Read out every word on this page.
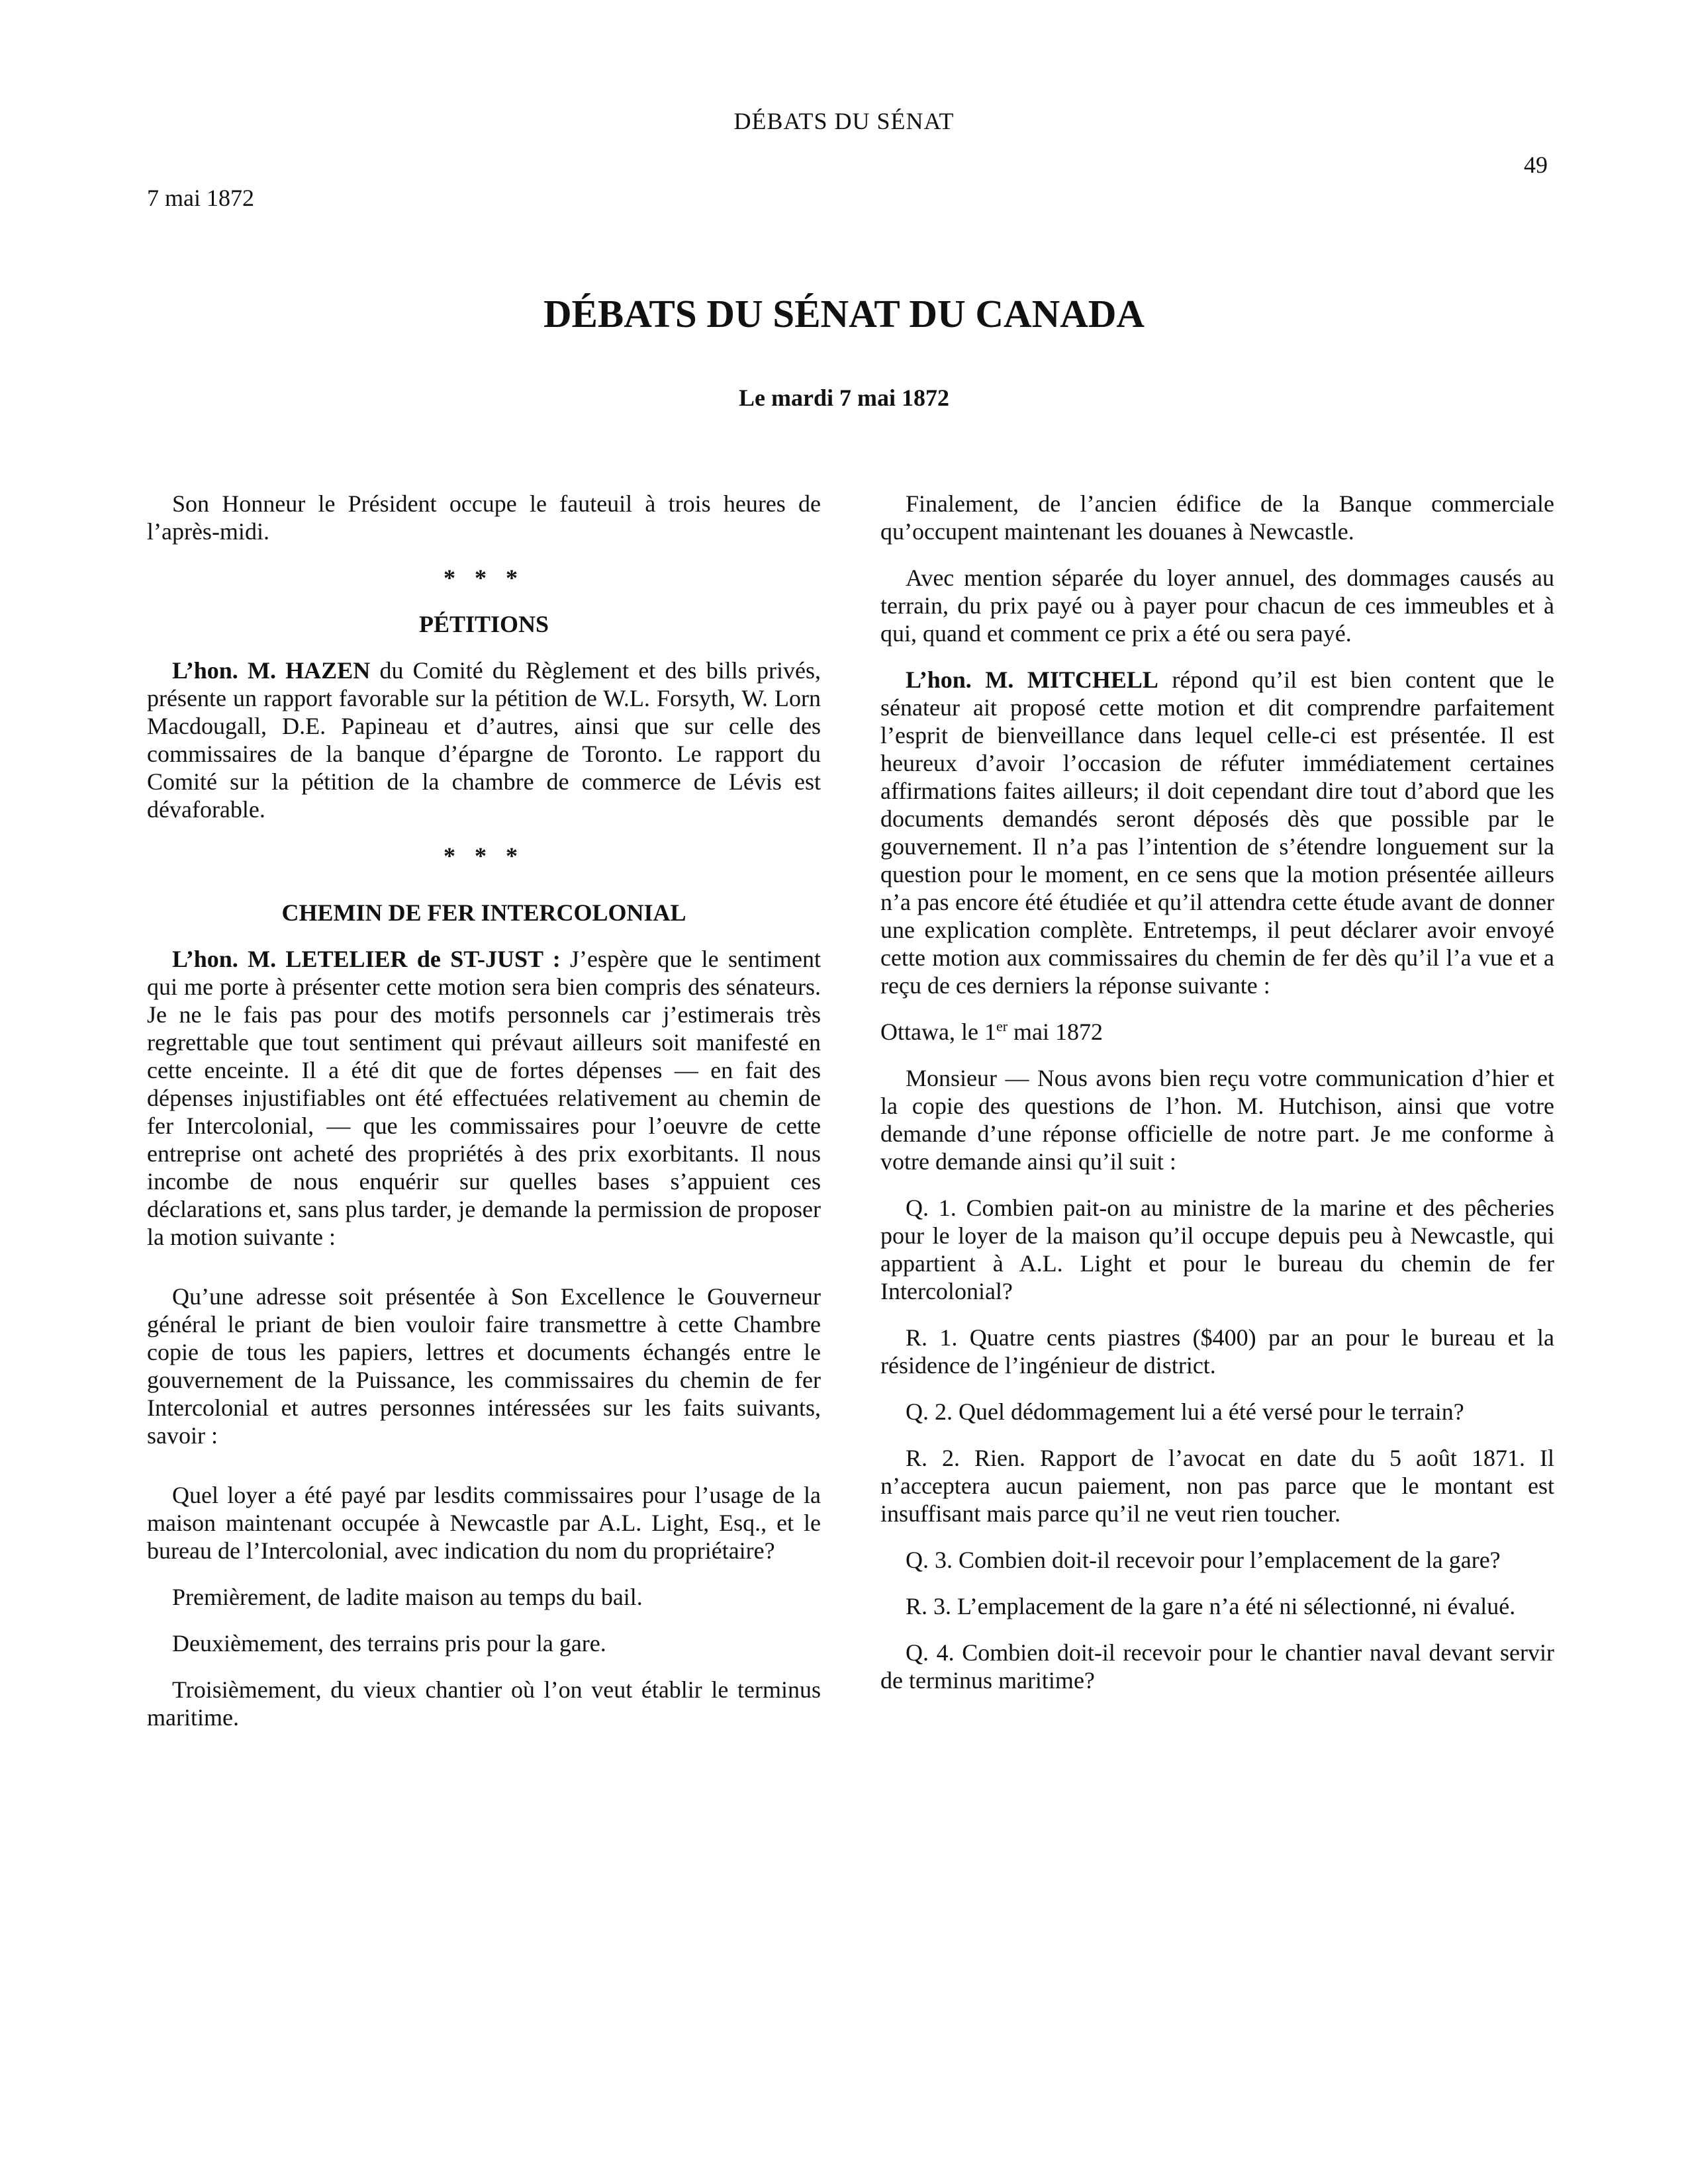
DÉBATS DU SÉNAT
49
7 mai 1872
DÉBATS DU SÉNAT DU CANADA
Le mardi 7 mai 1872

Son Honneur le Président occupe le fauteuil à trois heures de l’après-midi.

* * *
PÉTITIONS

L’hon. M. HAZEN du Comité du Règlement et des bills privés, présente un rapport favorable sur la pétition de W.L. Forsyth, W. Lorn Macdougall, D.E. Papineau et d’autres, ainsi que sur celle des commissaires de la banque d’épargne de Toronto. Le rapport du Comité sur la pétition de la chambre de commerce de Lévis est dévaforable.

* * *
CHEMIN DE FER INTERCOLONIAL

L’hon. M. LETELIER de ST-JUST : J’espère que le sentiment qui me porte à présenter cette motion sera bien compris des sénateurs. Je ne le fais pas pour des motifs personnels car j’estimerais très regrettable que tout sentiment qui prévaut ailleurs soit manifesté en cette enceinte. Il a été dit que de fortes dépenses — en fait des dépenses injustifiables ont été effectuées relativement au chemin de fer Intercolonial, — que les commissaires pour l’oeuvre de cette entreprise ont acheté des propriétés à des prix exorbitants. Il nous incombe de nous enquérir sur quelles bases s’appuient ces déclarations et, sans plus tarder, je demande la permission de proposer la motion suivante :

Qu’une adresse soit présentée à Son Excellence le Gouverneur général le priant de bien vouloir faire transmettre à cette Chambre copie de tous les papiers, lettres et documents échangés entre le gouvernement de la Puissance, les commissaires du chemin de fer Intercolonial et autres personnes intéressées sur les faits suivants, savoir :

Quel loyer a été payé par lesdits commissaires pour l’usage de la maison maintenant occupée à Newcastle par A.L. Light, Esq., et le bureau de l’Intercolonial, avec indication du nom du propriétaire?

Premièrement, de ladite maison au temps du bail.

Deuxièmement, des terrains pris pour la gare.

Troisièmement, du vieux chantier où l’on veut établir le terminus maritime.

Finalement, de l’ancien édifice de la Banque commerciale qu’occupent maintenant les douanes à Newcastle.

Avec mention séparée du loyer annuel, des dommages causés au terrain, du prix payé ou à payer pour chacun de ces immeubles et à qui, quand et comment ce prix a été ou sera payé.

L’hon. M. MITCHELL répond qu’il est bien content que le sénateur ait proposé cette motion et dit comprendre parfaitement l’esprit de bienveillance dans lequel celle-ci est présentée. Il est heureux d’avoir l’occasion de réfuter immédiatement certaines affirmations faites ailleurs; il doit cependant dire tout d’abord que les documents demandés seront déposés dès que possible par le gouvernement. Il n’a pas l’intention de s’étendre longuement sur la question pour le moment, en ce sens que la motion présentée ailleurs n’a pas encore été étudiée et qu’il attendra cette étude avant de donner une explication complète. Entretemps, il peut déclarer avoir envoyé cette motion aux commissaires du chemin de fer dès qu’il l’a vue et a reçu de ces derniers la réponse suivante :

Ottawa, le 1er mai 1872

Monsieur — Nous avons bien reçu votre communication d’hier et la copie des questions de l’hon. M. Hutchison, ainsi que votre demande d’une réponse officielle de notre part. Je me conforme à votre demande ainsi qu’il suit :

Q. 1. Combien pait-on au ministre de la marine et des pêcheries pour le loyer de la maison qu’il occupe depuis peu à Newcastle, qui appartient à A.L. Light et pour le bureau du chemin de fer Intercolonial?

R. 1. Quatre cents piastres ($400) par an pour le bureau et la résidence de l’ingénieur de district.

Q. 2. Quel dédommagement lui a été versé pour le terrain?

R. 2. Rien. Rapport de l’avocat en date du 5 août 1871. Il n’acceptera aucun paiement, non pas parce que le montant est insuffisant mais parce qu’il ne veut rien toucher.

Q. 3. Combien doit-il recevoir pour l’emplacement de la gare?

R. 3. L’emplacement de la gare n’a été ni sélectionné, ni évalué.

Q. 4. Combien doit-il recevoir pour le chantier naval devant servir de terminus maritime?
